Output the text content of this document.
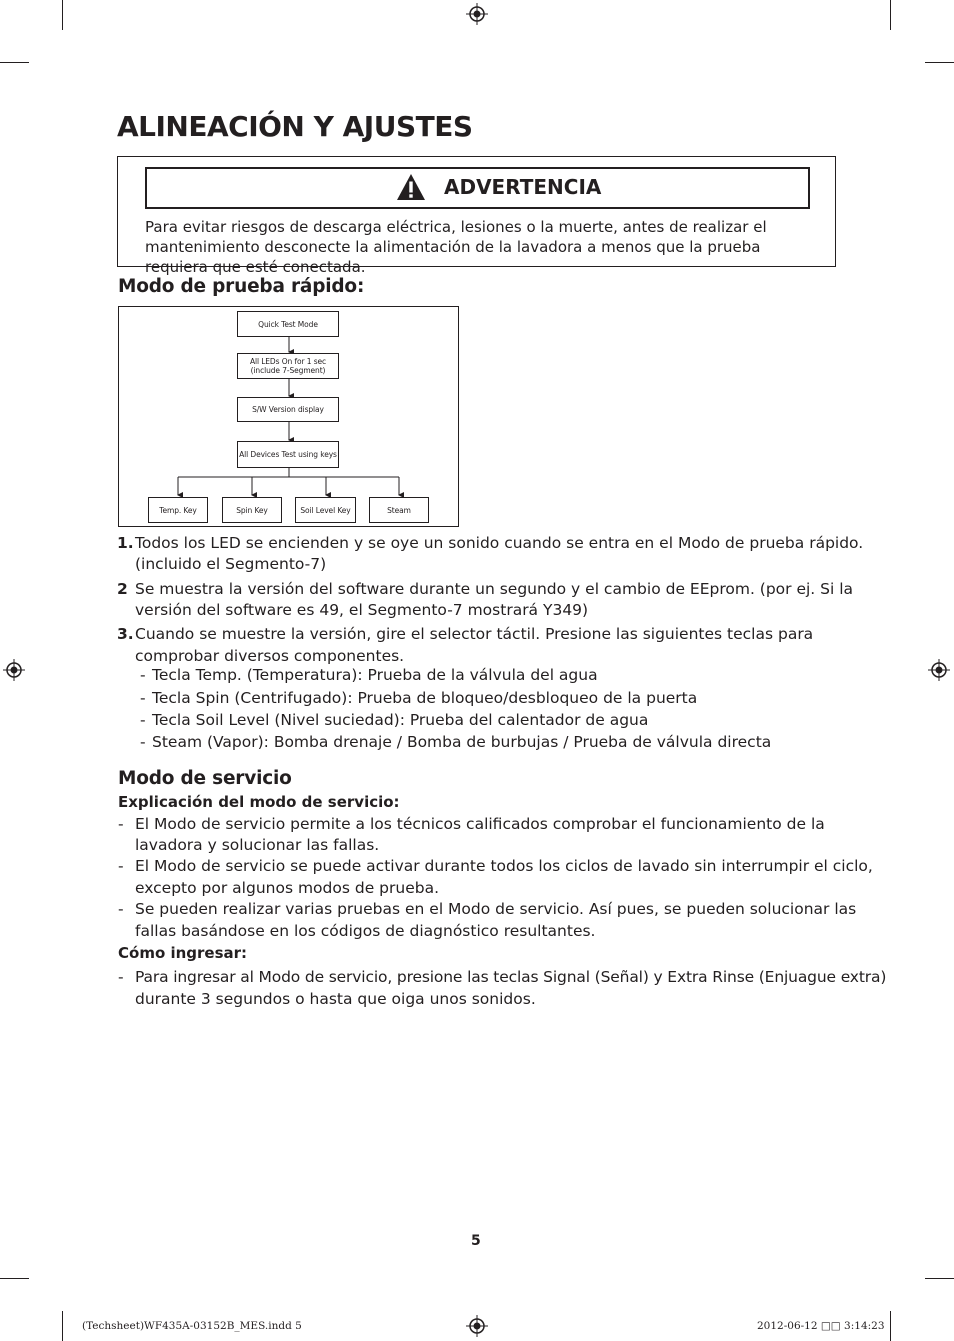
ALINEACIÓN Y AJUSTES
ADVERTENCIA
Para evitar riesgos de descarga eléctrica, lesiones o la muerte, antes de realizar el mantenimiento desconecte la alimentación de la lavadora a menos que la prueba requiera que esté conectada.
Modo de prueba rápido:
Quick Test Mode
All LEDs On for 1 sec
(include 7-Segment)
S/W Version display
All Devices Test using keys
Temp. Key	Spin Key	Soil Level Key	Steam
1. Todos los LED se encienden y se oye un sonido cuando se entra en el Modo de prueba rápido.
(incluido el Segmento-7)
2 Se muestra la versión del software durante un segundo y el cambio de EEprom. (por ej. Si la
versión del software es 49, el Segmento-7 mostrará Y349)
3. Cuando se muestre la versión, gire el selector táctil. Presione las siguientes teclas para
comprobar diversos componentes.
- Tecla Temp. (Temperatura): Prueba de la válvula del agua
- Tecla Spin (Centrifugado): Prueba de bloqueo/desbloqueo de la puerta
- Tecla Soil Level (Nivel suciedad): Prueba del calentador de agua
- Steam (Vapor): Bomba drenaje / Bomba de burbujas / Prueba de válvula directa
Modo de servicio
Explicación del modo de servicio:
- El Modo de servicio permite a los técnicos calificados comprobar el funcionamiento de la
lavadora y solucionar las fallas.
- El Modo de servicio se puede activar durante todos los ciclos de lavado sin interrumpir el ciclo,
excepto por algunos modos de prueba.
- Se pueden realizar varias pruebas en el Modo de servicio. Así pues, se pueden solucionar las
fallas basándose en los códigos de diagnóstico resultantes.
Cómo ingresar:
- Para ingresar al Modo de servicio, presione las teclas Signal (Señal) y Extra Rinse (Enjuague extra)
durante 3 segundos o hasta que oiga unos sonidos.
5
(Techsheet)WF435A-03152B_MES.indd 5	2012-06-12 □□ 3:14:23
